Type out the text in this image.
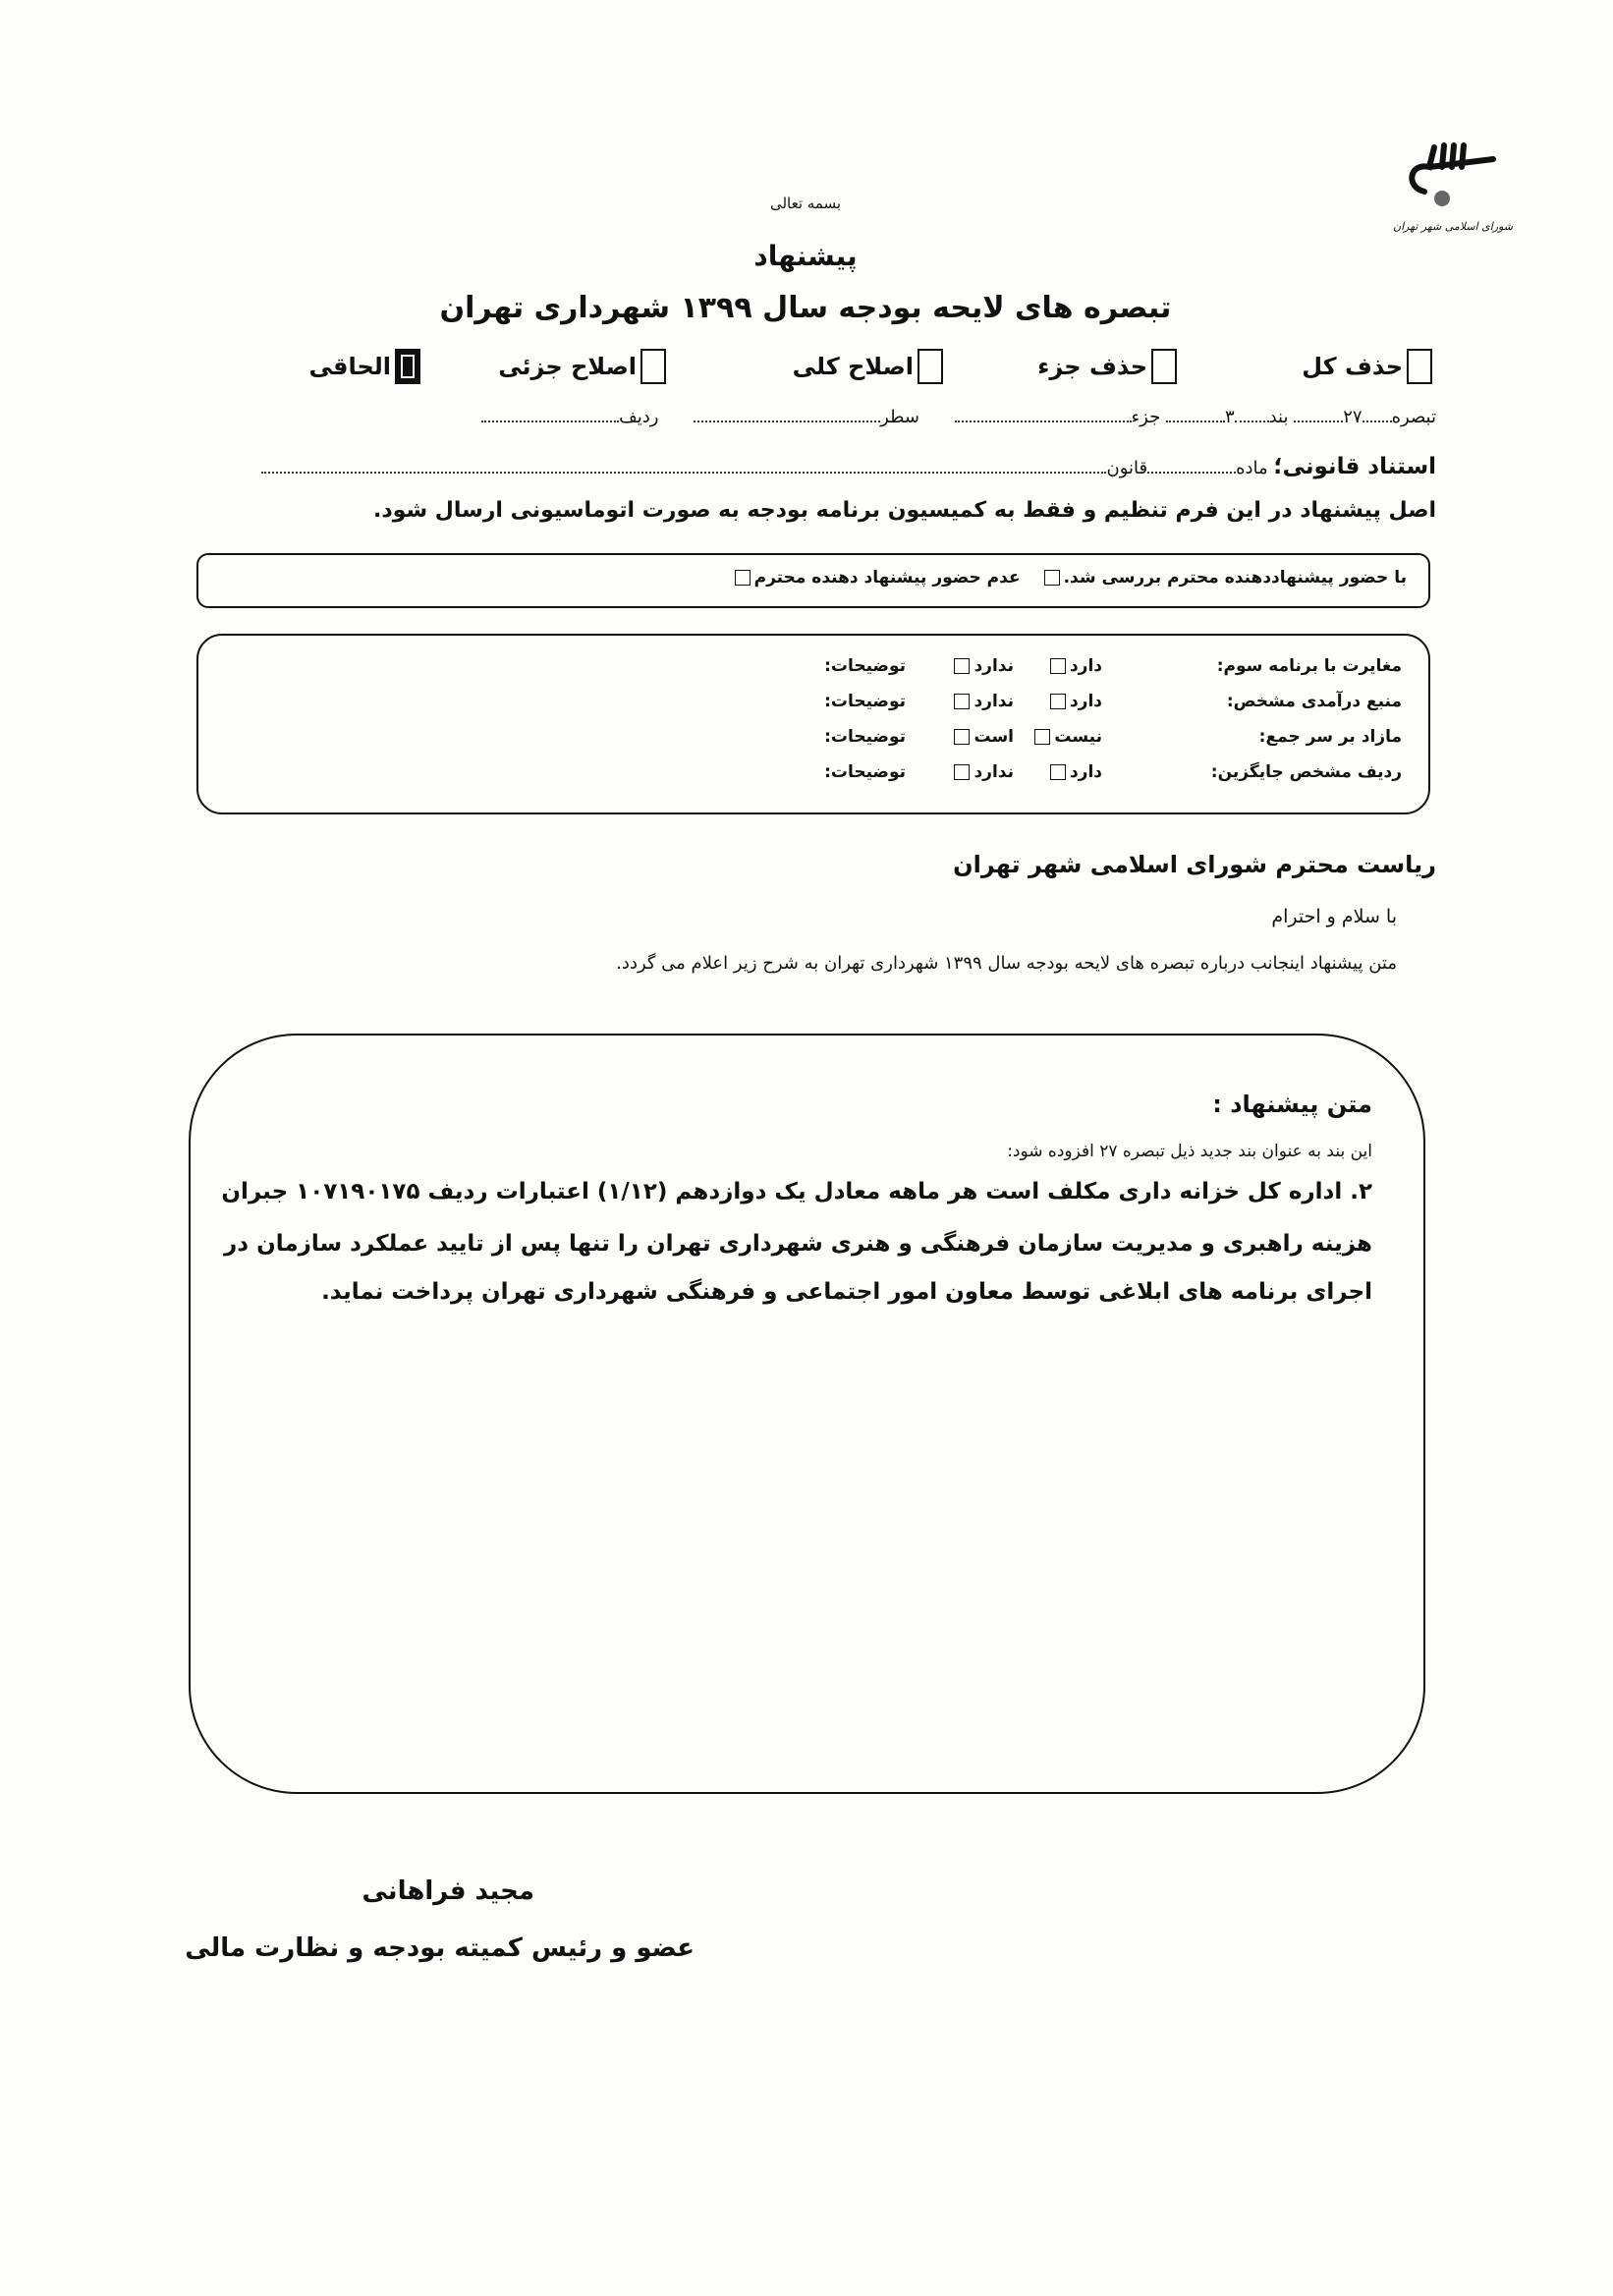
شورای اسلامی شهر تهران
بسمه تعالی
پیشنهاد
تبصره های لایحه بودجه سال ۱۳۹۹ شهرداری تهران
حذف کل
حذف جزء
اصلاح کلی
اصلاح جزئی
الحاقی
تبصره۲۷ بند۳ جزء سطر ردیف
استناد قانونی؛ مادهقانون
اصل پیشنهاد در این فرم تنظیم و فقط به کمیسیون برنامه بودجه به صورت اتوماسیونی ارسال شود.
با حضور پیشنهاددهنده محترم بررسی شد.
عدم حضور پیشنهاد دهنده محترم
مغایرت با برنامه سوم:
دارد
ندارد
توضیحات:
منبع درآمدی مشخص:
دارد
ندارد
توضیحات:
مازاد بر سر جمع:
نیست
است
توضیحات:
ردیف مشخص جایگزین:
دارد
ندارد
توضیحات:
ریاست محترم شورای اسلامی شهر تهران
با سلام و احترام
متن پیشنهاد اینجانب درباره تبصره های لایحه بودجه سال ۱۳۹۹ شهرداری تهران به شرح زیر اعلام می گردد.
متن پیشنهاد :
این بند به عنوان بند جدید ذیل تبصره ۲۷ افزوده شود:
۲. اداره کل خزانه داری مکلف است هر ماهه معادل یک دوازدهم (۱/۱۲) اعتبارات ردیف ۱۰۷۱۹۰۱۷۵ جبران
هزینه راهبری و مدیریت سازمان فرهنگی و هنری شهرداری تهران را تنها پس از تایید عملکرد سازمان در
اجرای برنامه های ابلاغی توسط معاون امور اجتماعی و فرهنگی شهرداری تهران پرداخت نماید.
مجید فراهانی
عضو و رئیس کمیته بودجه و نظارت مالی
